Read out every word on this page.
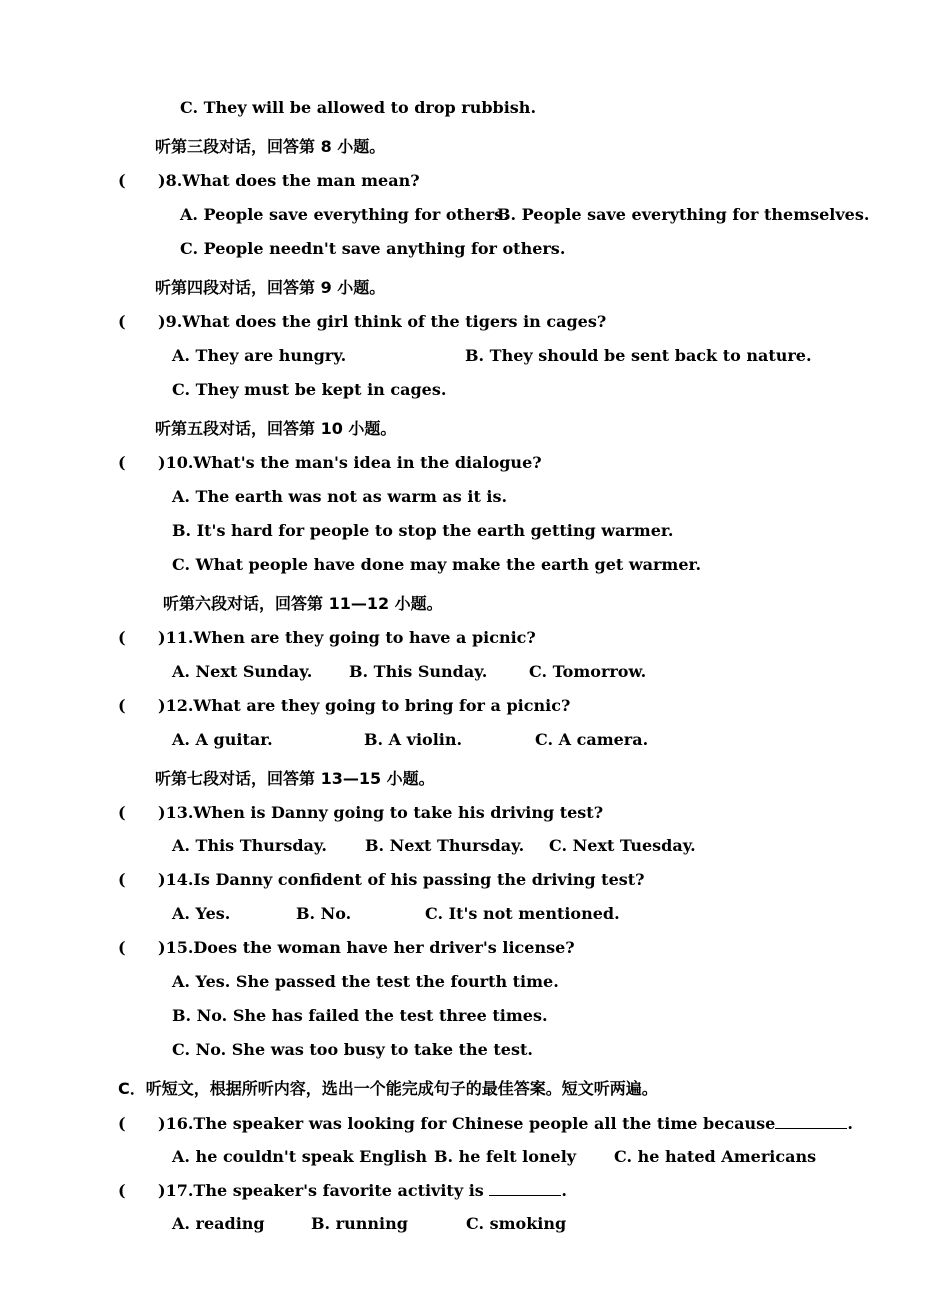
C. They will be allowed to drop rubbish.
听第三段对话，回答第 8 小题。
( )8.What does the man mean?
A. People save everything for others.
B. People save everything for themselves.
C. People needn't save anything for others.
听第四段对话，回答第 9 小题。
( )9.What does the girl think of the tigers in cages?
A. They are hungry.	B. They should be sent back to nature.
C. They must be kept in cages.
听第五段对话，回答第 10 小题。
( )10.What's the man's idea in the dialogue?
A. The earth was not as warm as it is.
B. It's hard for people to stop the earth getting warmer.
C. What people have done may make the earth get warmer.
听第六段对话，回答第 11—12 小题。
( )11.When are they going to have a picnic?
A. Next Sunday. B. This Sunday.	C. Tomorrow.
( )12.What are they going to bring for a picnic?
A. A guitar.	B. A violin.	C. A camera.
听第七段对话，回答第 13—15 小题。
( )13.When is Danny going to take his driving test?
A. This Thursday. B. Next Thursday. C. Next Tuesday.
( )14.Is Danny confident of his passing the driving test?
A. Yes.	B. No.	C. It's not mentioned.
( )15.Does the woman have her driver's license?
A. Yes. She passed the test the fourth time.
B. No. She has failed the test three times.
C. No. She was too busy to take the test.
C．听短文，根据所听内容，选出一个能完成句子的最佳答案。短文听两遍。
( )16.The speaker was looking for Chinese people all the time because	.
A. he couldn't speak English B. he felt lonely C. he hated Americans
( )17.The speaker's favorite activity is	.
A. reading	B. running	C. smoking
